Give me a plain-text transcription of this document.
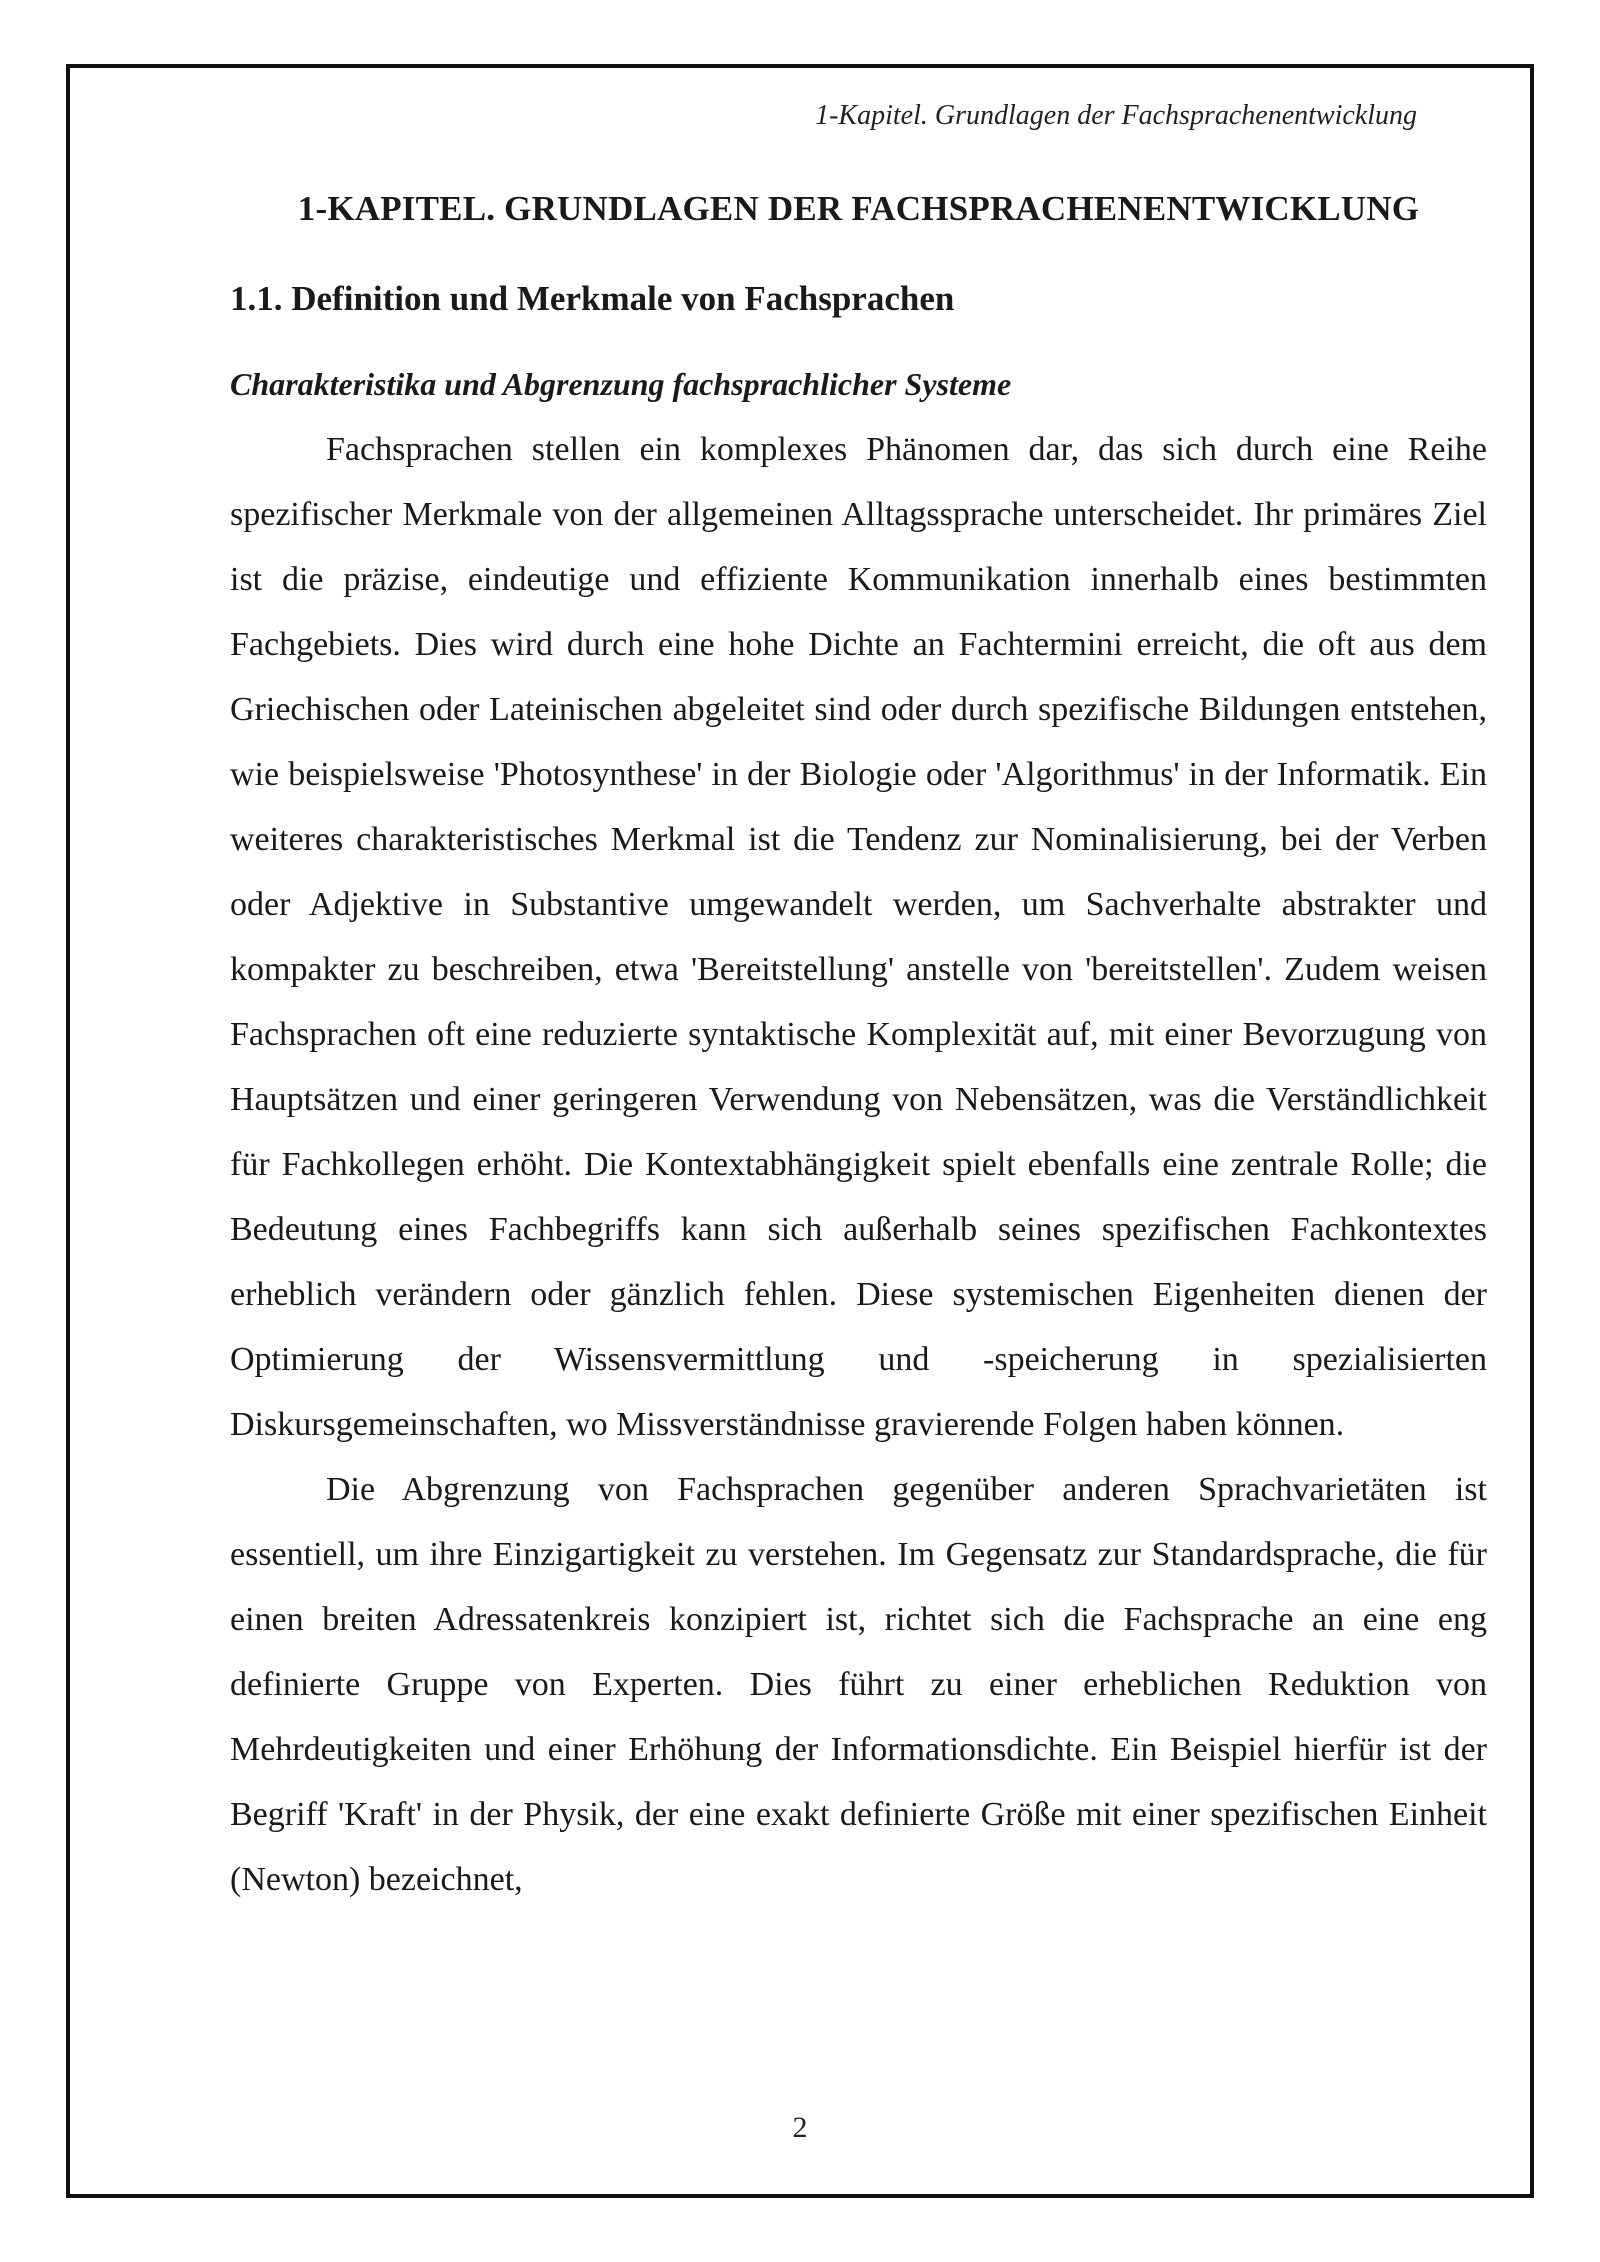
1-Kapitel. Grundlagen der Fachsprachenentwicklung
1-KAPITEL. GRUNDLAGEN DER FACHSPRACHENENTWICKLUNG
1.1. Definition und Merkmale von Fachsprachen
Charakteristika und Abgrenzung fachsprachlicher Systeme

Fachsprachen stellen ein komplexes Phänomen dar, das sich durch eine Reihe spezifischer Merkmale von der allgemeinen Alltagssprache unterscheidet. Ihr primäres Ziel ist die präzise, eindeutige und effiziente Kommunikation innerhalb eines bestimmten Fachgebiets. Dies wird durch eine hohe Dichte an Fachtermini erreicht, die oft aus dem Griechischen oder Lateinischen abgeleitet sind oder durch spezifische Bildungen entstehen, wie beispielsweise 'Photosynthese' in der Biologie oder 'Algorithmus' in der Informatik. Ein weiteres charakteristisches Merkmal ist die Tendenz zur Nominalisierung, bei der Verben oder Adjektive in Substantive umgewandelt werden, um Sachverhalte abstrakter und kompakter zu beschreiben, etwa 'Bereitstellung' anstelle von 'bereitstellen'. Zudem weisen Fachsprachen oft eine reduzierte syntaktische Komplexität auf, mit einer Bevorzugung von Hauptsätzen und einer geringeren Verwendung von Nebensätzen, was die Verständlichkeit für Fachkollegen erhöht. Die Kontextabhängigkeit spielt ebenfalls eine zentrale Rolle; die Bedeutung eines Fachbegriffs kann sich außerhalb seines spezifischen Fachkontextes erheblich verändern oder gänzlich fehlen. Diese systemischen Eigenheiten dienen der Optimierung der Wissensvermittlung und -speicherung in spezialisierten Diskursgemeinschaften, wo Missverständnisse gravierende Folgen haben können.

Die Abgrenzung von Fachsprachen gegenüber anderen Sprachvarietäten ist essentiell, um ihre Einzigartigkeit zu verstehen. Im Gegensatz zur Standardsprache, die für einen breiten Adressatenkreis konzipiert ist, richtet sich die Fachsprache an eine eng definierte Gruppe von Experten. Dies führt zu einer erheblichen Reduktion von Mehrdeutigkeiten und einer Erhöhung der Informationsdichte. Ein Beispiel hierfür ist der Begriff 'Kraft' in der Physik, der eine exakt definierte Größe mit einer spezifischen Einheit (Newton) bezeichnet,

2
